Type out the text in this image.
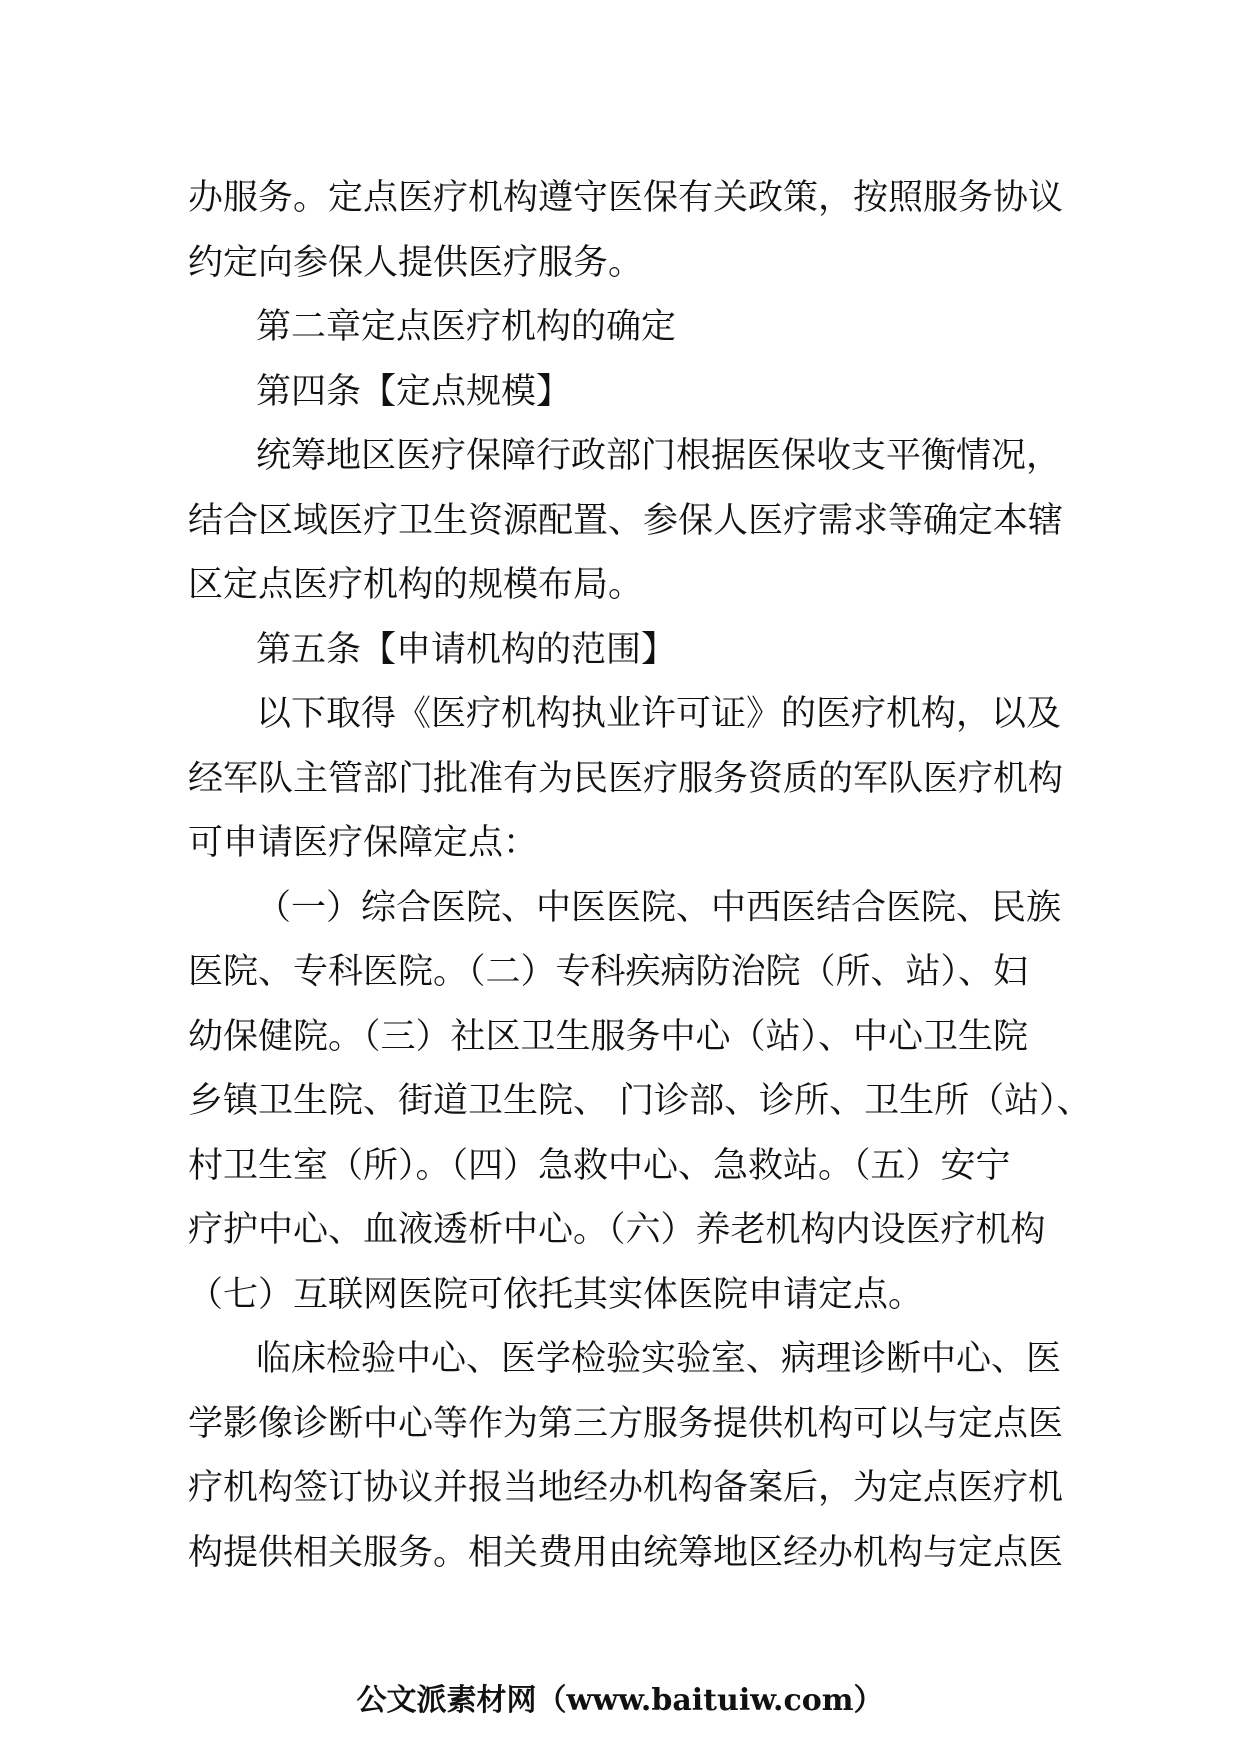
办服务。定点医疗机构遵守医保有关政策，按照服务协议
约定向参保人提供医疗服务。
第二章定点医疗机构的确定
第四条【定点规模】
统筹地区医疗保障行政部门根据医保收支平衡情况，
结合区域医疗卫生资源配置、参保人医疗需求等确定本辖
区定点医疗机构的规模布局。
第五条【申请机构的范围】
以下取得《医疗机构执业许可证》的医疗机构，以及
经军队主管部门批准有为民医疗服务资质的军队医疗机构
可申请医疗保障定点：
（一）综合医院、中医医院、中西医结合医院、民族
医院、专科医院。（二）专科疾病防治院（所、站）、妇
幼保健院。（三）社区卫生服务中心（站）、中心卫生院
乡镇卫生院、街道卫生院、 门诊部、诊所、卫生所（站）、
村卫生室（所）。（四）急救中心、急救站。（五）安宁
疗护中心、血液透析中心。（六）养老机构内设医疗机构
（七）互联网医院可依托其实体医院申请定点。
临床检验中心、医学检验实验室、病理诊断中心、医
学影像诊断中心等作为第三方服务提供机构可以与定点医
疗机构签订协议并报当地经办机构备案后，为定点医疗机
构提供相关服务。相关费用由统筹地区经办机构与定点医
公文派素材网（www.baituiw.com）
